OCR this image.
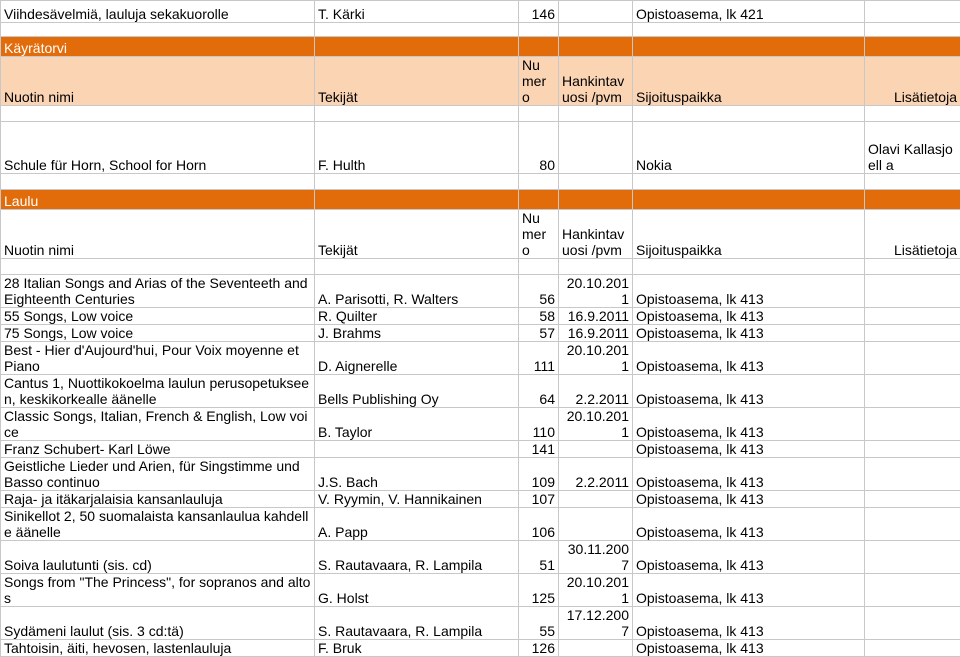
Viihdesävelmiä, lauluja sekakuorolle	T. Kärki	146		Opistoasema, lk 421	

Käyrätorvi					
Nuotin nimi	Tekijät	Nu mer o	Hankintav uosi /pvm	Sijoituspaikka	Lisätietoja

Schule für Horn, School for Horn	F. Hulth	80		Nokia	Olavi Kallasjoell a

Laulu					
Nuotin nimi	Tekijät	Nu mer o	Hankintav uosi /pvm	Sijoituspaikka	Lisätietoja

28 Italian Songs and Arias of the Seventeeth and Eighteenth Centuries	A. Parisotti, R. Walters	56	20.10.201 1	Opistoasema, lk 413	
55 Songs, Low voice	R. Quilter	58	16.9.2011	Opistoasema, lk 413	
75 Songs, Low voice	J. Brahms	57	16.9.2011	Opistoasema, lk 413	
Best - Hier d'Aujourd'hui, Pour Voix moyenne et Piano	D. Aignerelle	111	20.10.201 1	Opistoasema, lk 413	
Cantus 1, Nuottikokoelma laulun perusopetukseen, keskikorkealle äänelle	Bells Publishing Oy	64	2.2.2011	Opistoasema, lk 413	
Classic Songs, Italian, French & English, Low voice	B. Taylor	110	20.10.201 1	Opistoasema, lk 413	
Franz Schubert- Karl Löwe		141		Opistoasema, lk 413	
Geistliche Lieder und Arien, für Singstimme und Basso continuo	J.S. Bach	109	2.2.2011	Opistoasema, lk 413	
Raja- ja itäkarjalaisia kansanlauluja	V. Ryymin, V. Hannikainen	107		Opistoasema, lk 413	
Sinikellot 2, 50 suomalaista kansanlaulua kahdelle äänelle	A. Papp	106		Opistoasema, lk 413	
Soiva laulutunti (sis. cd)	S. Rautavaara, R. Lampila	51	30.11.200 7	Opistoasema, lk 413	
Songs from "The Princess", for sopranos and altos	G. Holst	125	20.10.201 1	Opistoasema, lk 413	
Sydämeni laulut (sis. 3 cd:tä)	S. Rautavaara, R. Lampila	55	17.12.200 7	Opistoasema, lk 413	
Tahtoisin, äiti, hevosen, lastenlauluja	F. Bruk	126		Opistoasema, lk 413	
